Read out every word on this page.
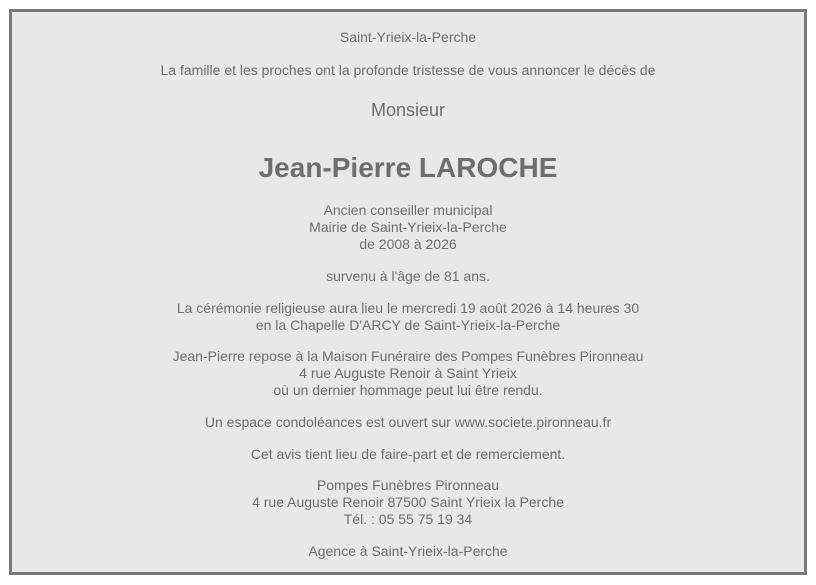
Saint-Yrieix-la-Perche
La famille et les proches ont la profonde tristesse de vous annoncer le décès de
Monsieur
Jean-Pierre LAROCHE
Ancien conseiller municipal
Mairie de Saint-Yrieix-la-Perche
de 2008 à 2026
survenu à l'âge de 81 ans.
La cérémonie religieuse aura lieu le mercredi 19 août 2026 à 14 heures 30
en la Chapelle D'ARCY de Saint-Yrieix-la-Perche
Jean-Pierre repose à la Maison Funéraire des Pompes Funèbres Pironneau
4 rue Auguste Renoir à Saint Yrieix
où un dernier hommage peut lui être rendu.
Un espace condoléances est ouvert sur www.societe.pironneau.fr
Cet avis tient lieu de faire-part et de remerciement.
Pompes Funèbres Pironneau
4 rue Auguste Renoir 87500 Saint Yrieix la Perche
Tél. : 05 55 75 19 34
Agence à Saint-Yrieix-la-Perche
